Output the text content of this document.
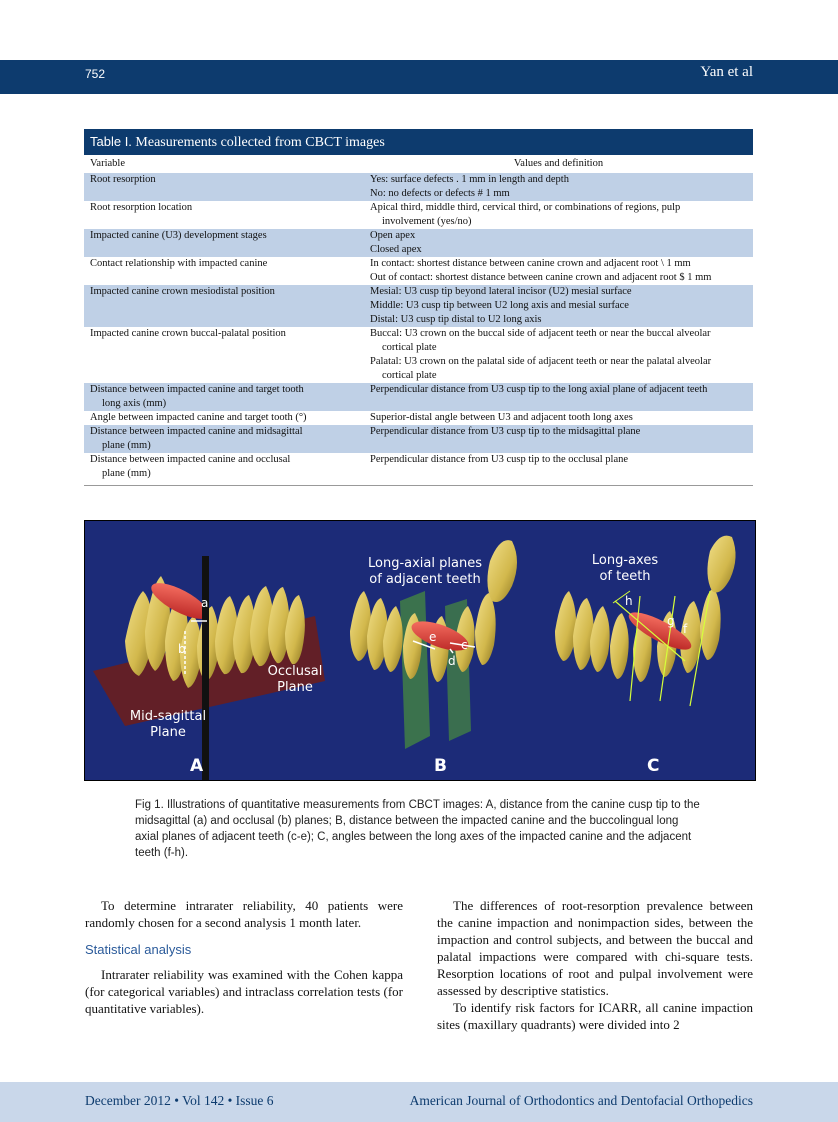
752	Yan et al
Table I. Measurements collected from CBCT images
Variable	Values and definition

Root resorption	Yes: surface defects . 1 mm in length and depth
No: no defects or defects # 1 mm

Root resorption location	Apical third, middle third, cervical third, or combinations of regions, pulp
involvement (yes/no)

Impacted canine (U3) development stages	Open apex
Closed apex

Contact relationship with impacted canine	In contact: shortest distance between canine crown and adjacent root \ 1 mm
Out of contact: shortest distance between canine crown and adjacent root $ 1 mm

Impacted canine crown mesiodistal position	Mesial: U3 cusp tip beyond lateral incisor (U2) mesial surface
Middle: U3 cusp tip between U2 long axis and mesial surface
Distal: U3 cusp tip distal to U2 long axis

Impacted canine crown buccal-palatal position	Buccal: U3 crown on the buccal side of adjacent teeth or near the buccal alveolar
cortical plate
Palatal: U3 crown on the palatal side of adjacent teeth or near the palatal alveolar
cortical plate

Distance between impacted canine and target tooth
long axis (mm)	Perpendicular distance from U3 cusp tip to the long axial plane of adjacent teeth

Angle between impacted canine and target tooth (°)	Superior-distal angle between U3 and adjacent tooth long axes

Distance between impacted canine and midsagittal
plane (mm)	Perpendicular distance from U3 cusp tip to the midsagittal plane

Distance between impacted canine and occlusal
plane (mm)	Perpendicular distance from U3 cusp tip to the occlusal plane
a
b	c
d
e
f
g
h
Long-axial planes
of adjacent teeth
Long-axes
of teeth
Occlusal
Plane
Mid-sagittal
Plane
A	B	C
Fig 1. Illustrations of quantitative measurements from CBCT images: A, distance from the canine cusp tip to the midsagittal (a) and occlusal (b) planes; B, distance between the impacted canine and the buccolingual long axial planes of adjacent teeth (c-e); C, angles between the long axes of the impacted canine and the adjacent teeth (f-h).

To determine intrarater reliability, 40 patients were randomly chosen for a second analysis 1 month later.

Statistical analysis

Intrarater reliability was examined with the Cohen kappa (for categorical variables) and intraclass correlation tests (for quantitative variables).

The differences of root-resorption prevalence between the canine impaction and nonimpaction sides, between the impaction and control subjects, and between the buccal and palatal impactions were compared with chi-square tests. Resorption locations of root and pulpal involvement were assessed by descriptive statistics.

To identify risk factors for ICARR, all canine impaction sites (maxillary quadrants) were divided into 2

December 2012 • Vol 142 • Issue 6	American Journal of Orthodontics and Dentofacial Orthopedics
